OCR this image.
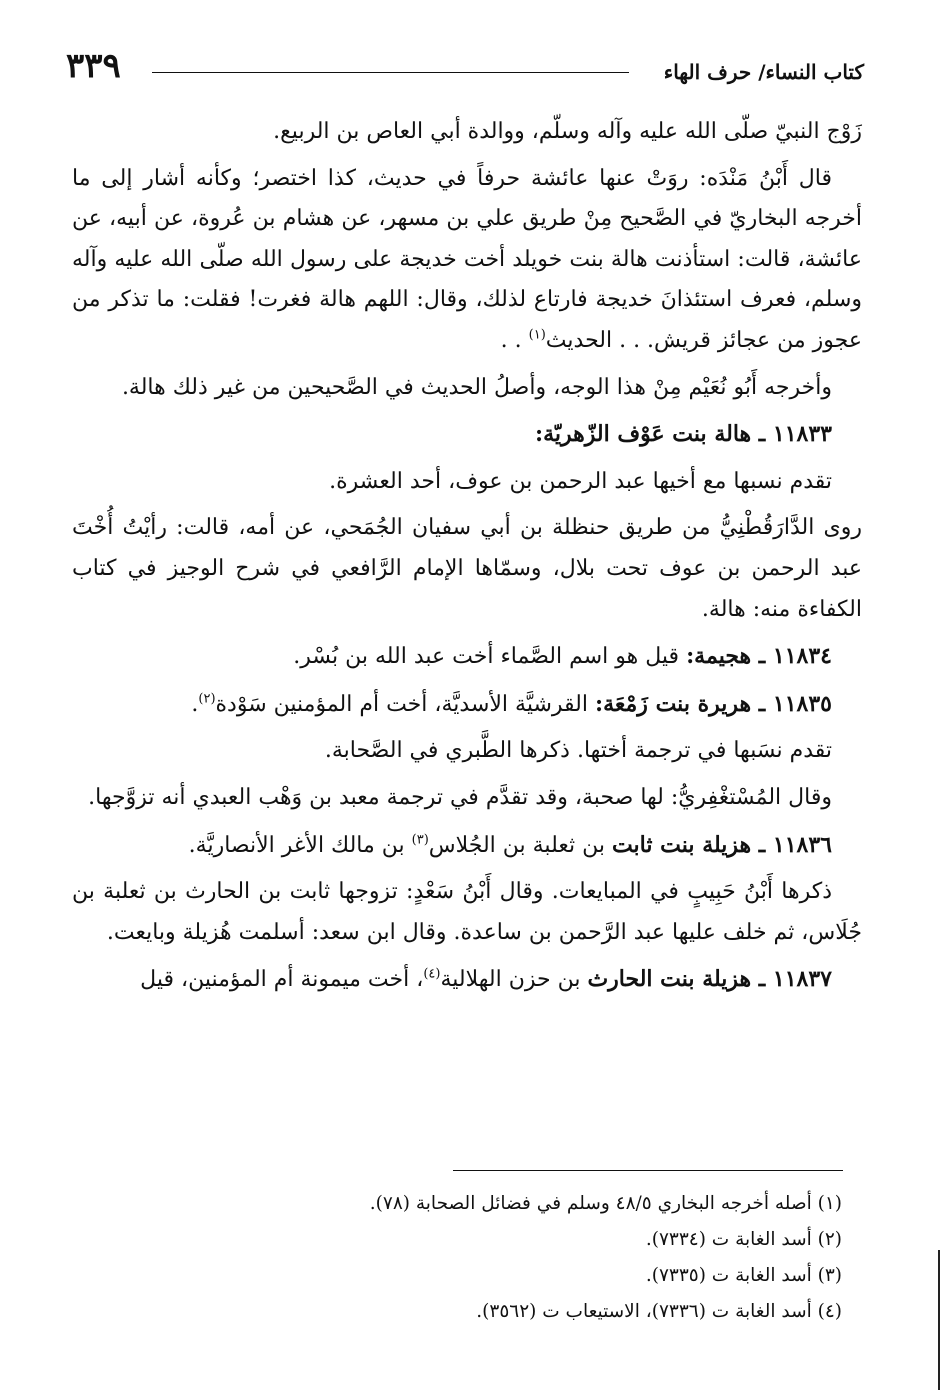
كتاب النساء/ حرف الهاء
٣٣٩

زَوْج النبيّ صلّى الله عليه وآله وسلّم، ووالدة أبي العاص بن الربيع.

قال أَبْنُ مَنْدَه: روَتْ عنها عائشة حرفاً في حديث، كذا اختصر؛ وكأنه أشار إلى ما أخرجه البخاريّ في الصَّحيح مِنْ طريق علي بن مسهر، عن هشام بن عُروة، عن أبيه، عن عائشة، قالت: استأذنت هالة بنت خويلد أخت خديجة على رسول الله صلّى الله عليه وآله وسلم، فعرف استئذانَ خديجة فارتاع لذلك، وقال: اللهم هالة فغرت! فقلت: ما تذكر من عجوز من عجائز قريش. . . الحديث$^{(١)}$ . .

وأخرجه أَبُو نُعَيْم مِنْ هذا الوجه، وأصلُ الحديث في الصَّحيحين من غير ذلك هالة.

١١٨٣٣ ـ هالة بنت عَوْف الزّهريّة:

تقدم نسبها مع أخيها عبد الرحمن بن عوف، أحد العشرة.

روى الدَّارَقُطْنِيُّ من طريق حنظلة بن أبي سفيان الجُمَحي، عن أمه، قالت: رأيْتُ أُخْتَ عبد الرحمن بن عوف تحت بلال، وسمّاها الإمام الرَّافعي في شرح الوجيز في كتاب الكفاءة منه: هالة.

١١٨٣٤ ـ هجيمة: قيل هو اسم الصَّماء أخت عبد الله بن بُسْر.

١١٨٣٥ ـ هريرة بنت زَمْعَة: القرشيَّة الأسديَّة، أخت أم المؤمنين سَوْدة$^{(٢)}$.

تقدم نسَبها في ترجمة أختها. ذكرها الطَّبري في الصَّحابة.

وقال المُسْتغْفِريُّ: لها صحبة، وقد تقدَّم في ترجمة معبد بن وَهْب العبدي أنه تزوَّجها.

١١٨٣٦ ـ هزيلة بنت ثابت بن ثعلبة بن الجُلاس$^{(٣)}$ بن مالك الأغر الأنصاريَّة.

ذكرها أَبْنُ حَبِيبٍ في المبايعات. وقال أَبْنُ سَعْدٍ: تزوجها ثابت بن الحارث بن ثعلبة بن جُلَاس، ثم خلف عليها عبد الرَّحمن بن ساعدة. وقال ابن سعد: أسلمت هُزيلة وبايعت.

١١٨٣٧ ـ هزيلة بنت الحارث بن حزن الهلالية$^{(٤)}$، أخت ميمونة أم المؤمنين، قيل

(١) أصله أخرجه البخاري ٤٨/٥ وسلم في فضائل الصحابة (٧٨).
(٢) أسد الغابة ت (٧٣٣٤).
(٣) أسد الغابة ت (٧٣٣٥).
(٤) أسد الغابة ت (٧٣٣٦)، الاستيعاب ت (٣٥٦٢).
